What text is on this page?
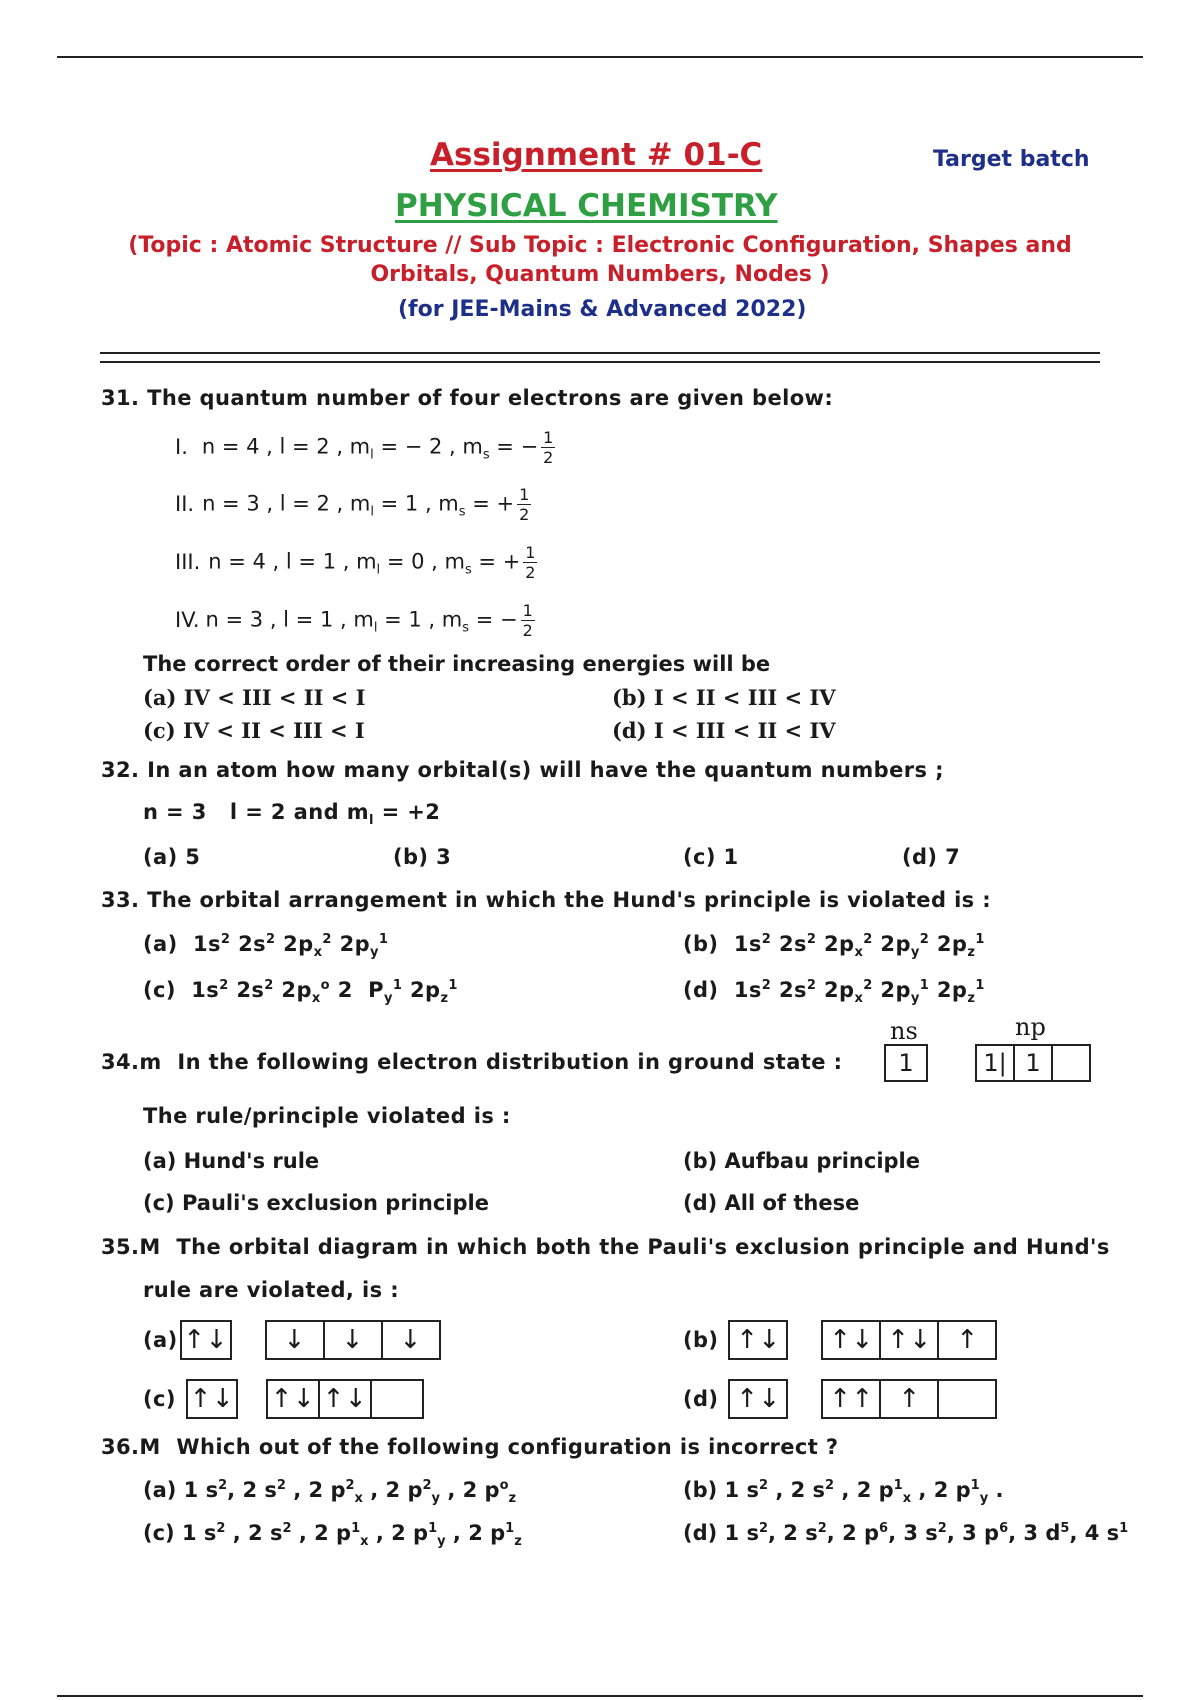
Assignment # 01-C	Target batch
PHYSICAL CHEMISTRY
(Topic : Atomic Structure // Sub Topic : Electronic Configuration, Shapes and
Orbitals, Quantum Numbers, Nodes )
(for JEE-Mains & Advanced 2022)
31. The quantum number of four electrons are given below:
I. n = 4 , l = 2 , $m_l$ = − 2 , $m_s$ = − $\frac{1}{2}$
II. n = 3 , l = 2 , $m_l = 1$ , $m_s$ = + $\frac{1}{2}$
III. n = 4 , l = 1 , $m_l = 0$ , $m_s$ = + $\frac{1}{2}$
IV. n = 3 , l = 1 , $m_l = 1$ , $m_s$ = − $\frac{1}{2}$
The correct order of their increasing energies will be
(a) IV < III < II < I	(b) I < II < III < IV
(c) IV < II < III < I	(d) I < III < II < IV
32. In an atom how many orbital(s) will have the quantum numbers ;
n = 3   l = 2 and $m_l = +2$
(a) 5	(b) 3	(c) 1	(d) 7
33. The orbital arrangement in which the Hund's principle is violated is :
(a)  $1s^2$ $2s^2$ $2p_x^2$ $2p_y^1$	(b)  $1s^2$ $2s^2$ $2p_x^2$ $2p_y^2$ $2p_z^1$
(c)  $1s^2$ $2s^2$ $2p_x^o$ 2  $P_y^1$ $2p_z^1$	(d)  $1s^2$ $2s^2$ $2p_x^2$ $2p_y^1$ $2p_z^1$
ns	np
34.m In the following electron distribution in ground state :	1	1| 1
The rule/principle violated is :
(a) Hund's rule	(b) Aufbau principle
(c) Pauli's exclusion principle	(d) All of these
35.M The orbital diagram in which both the Pauli's exclusion principle and Hund's
rule are violated, is :
(a) ↑↓	↓	↓	↓	(b) ↑↓ ↑↓ ↑↓ ↑
(c) ↑↓ ↑↓ ↑↓	(d) ↑↓ ↑↑ ↑
36.M Which out of the following configuration is incorrect ?
(a) 1 $s^2$, 2 $s^2$ , 2 $p^2_x$ , 2 $p^2_y$ , 2 $p^o_z$	(b) 1 $s^2$ , 2 $s^2$ , 2 $p^1_x$ , 2 $p^1_y$ .
(c) 1 $s^2$ , 2 $s^2$ , 2 $p^1_x$ , 2 $p^1_y$ , 2 $p^1_z$	(d) 1 $s^2$, 2 $s^2$, 2 $p^6$, 3 $s^2$, 3 $p^6$, 3 $d^5$, 4 $s^1$
